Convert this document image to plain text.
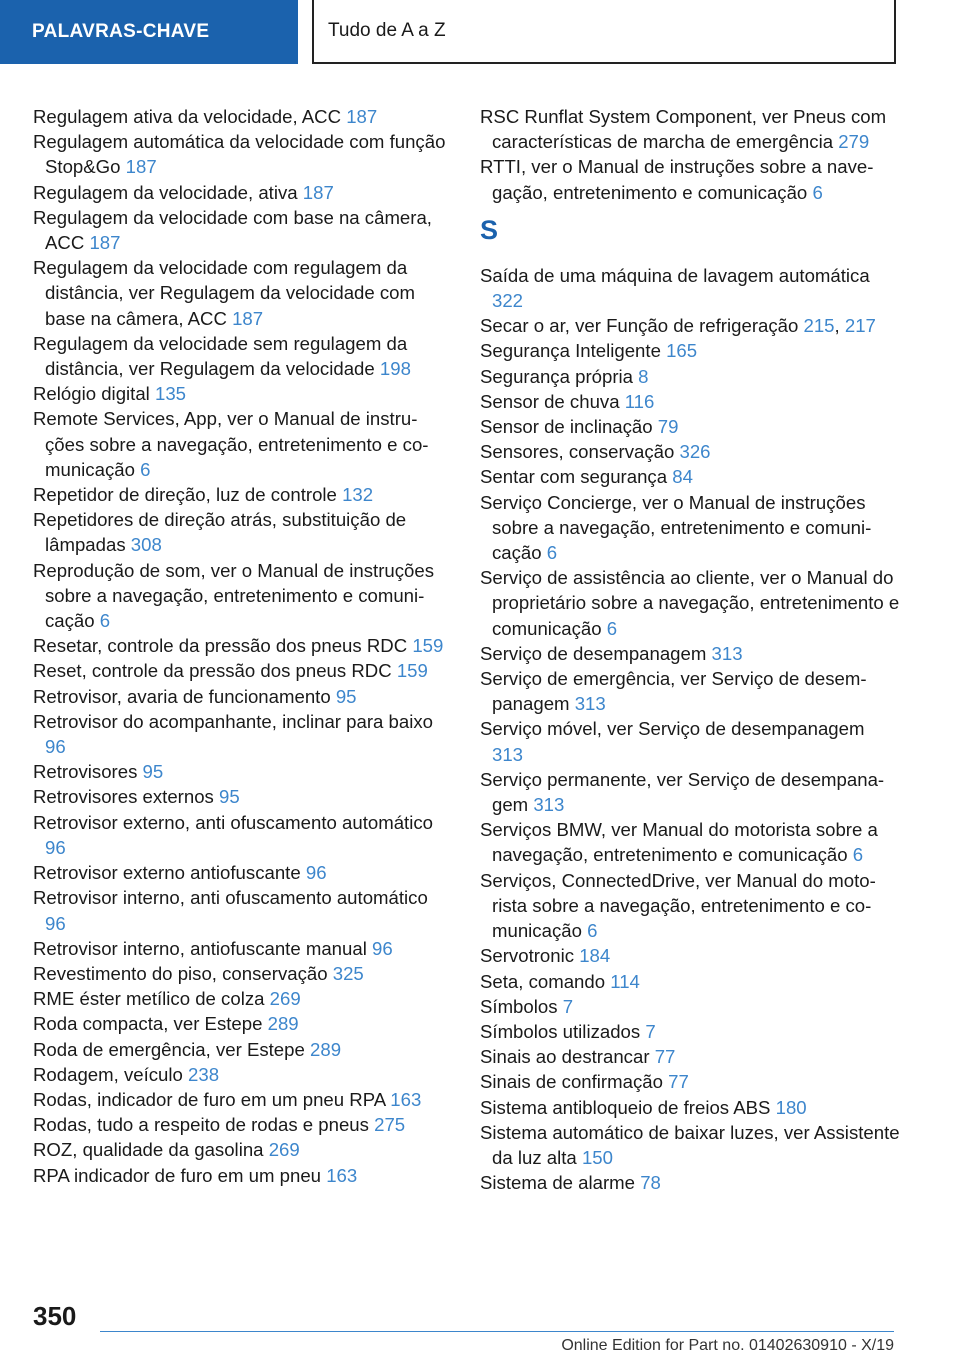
PALAVRAS-CHAVE	Tudo de A a Z
Regulagem ativa da velocidade, ACC 187
Regulagem automática da velocidade com função Stop&Go 187
Regulagem da velocidade, ativa 187
Regulagem da velocidade com base na câmera, ACC 187
Regulagem da velocidade com regulagem da distância, ver Regulagem da velocidade com base na câmera, ACC 187
Regulagem da velocidade sem regulagem da distância, ver Regulagem da velocidade 198
Relógio digital 135
Remote Services, App, ver o Manual de instruções sobre a navegação, entretenimento e comunicação 6
Repetidor de direção, luz de controle 132
Repetidores de direção atrás, substituição de lâmpadas 308
Reprodução de som, ver o Manual de instruções sobre a navegação, entretenimento e comunicação 6
Resetar, controle da pressão dos pneus RDC 159
Reset, controle da pressão dos pneus RDC 159
Retrovisor, avaria de funcionamento 95
Retrovisor do acompanhante, inclinar para baixo 96
Retrovisores 95
Retrovisores externos 95
Retrovisor externo, anti ofuscamento automático 96
Retrovisor externo antiofuscante 96
Retrovisor interno, anti ofuscamento automático 96
Retrovisor interno, antiofuscante manual 96
Revestimento do piso, conservação 325
RME éster metílico de colza 269
Roda compacta, ver Estepe 289
Roda de emergência, ver Estepe 289
Rodagem, veículo 238
Rodas, indicador de furo em um pneu RPA 163
Rodas, tudo a respeito de rodas e pneus 275
ROZ, qualidade da gasolina 269
RPA indicador de furo em um pneu 163
RSC Runflat System Component, ver Pneus com características de marcha de emergência 279
RTTI, ver o Manual de instruções sobre a navegação, entretenimento e comunicação 6
S
Saída de uma máquina de lavagem automática 322
Secar o ar, ver Função de refrigeração 215, 217
Segurança Inteligente 165
Segurança própria 8
Sensor de chuva 116
Sensor de inclinação 79
Sensores, conservação 326
Sentar com segurança 84
Serviço Concierge, ver o Manual de instruções sobre a navegação, entretenimento e comunicação 6
Serviço de assistência ao cliente, ver o Manual do proprietário sobre a navegação, entretenimento e comunicação 6
Serviço de desempanagem 313
Serviço de emergência, ver Serviço de desempanagem 313
Serviço móvel, ver Serviço de desempanagem 313
Serviço permanente, ver Serviço de desempanagem 313
Serviços BMW, ver Manual do motorista sobre a navegação, entretenimento e comunicação 6
Serviços, ConnectedDrive, ver Manual do motorista sobre a navegação, entretenimento e comunicação 6
Servotronic 184
Seta, comando 114
Símbolos 7
Símbolos utilizados 7
Sinais ao destrancar 77
Sinais de confirmação 77
Sistema antibloqueio de freios ABS 180
Sistema automático de baixar luzes, ver Assistente da luz alta 150
Sistema de alarme 78
350
Online Edition for Part no. 01402630910 - X/19
